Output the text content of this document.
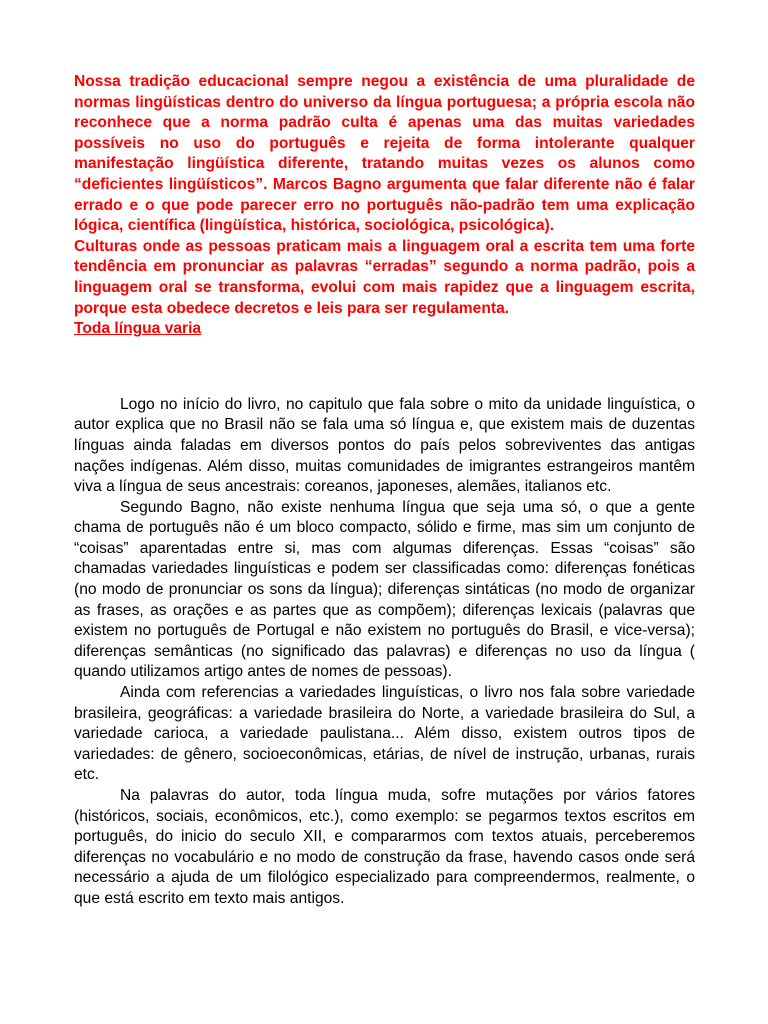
Nossa tradição educacional sempre negou a existência de uma pluralidade de normas lingüísticas dentro do universo da língua portuguesa; a própria escola não reconhece que a norma padrão culta é apenas uma das muitas variedades possíveis no uso do português e rejeita de forma intolerante qualquer manifestação lingüística diferente, tratando muitas vezes os alunos como “deficientes lingüísticos”. Marcos Bagno argumenta que falar diferente não é falar errado e o que pode parecer erro no português não-padrão tem uma explicação lógica, científica (lingüística, histórica, sociológica, psicológica).

Culturas onde as pessoas praticam mais a linguagem oral a escrita tem uma forte tendência em pronunciar as palavras “erradas” segundo a norma padrão, pois a linguagem oral se transforma, evolui com mais rapidez que a linguagem escrita, porque esta obedece decretos e leis para ser regulamenta.

Toda língua varia

Logo no início do livro, no capitulo que fala sobre o mito da unidade linguística, o autor explica que no Brasil não se fala uma só língua e, que existem mais de duzentas línguas ainda faladas em diversos pontos do país pelos sobreviventes das antigas nações indígenas. Além disso, muitas comunidades de imigrantes estrangeiros mantêm viva a língua de seus ancestrais: coreanos, japoneses, alemães, italianos etc.

Segundo Bagno, não existe nenhuma língua que seja uma só, o que a gente chama de português não é um bloco compacto, sólido e firme, mas sim um conjunto de “coisas” aparentadas entre si, mas com algumas diferenças. Essas “coisas” são chamadas variedades linguísticas e podem ser classificadas como: diferenças fonéticas (no modo de pronunciar os sons da língua); diferenças sintáticas (no modo de organizar as frases, as orações e as partes que as compõem); diferenças lexicais (palavras que existem no português de Portugal e não existem no português do Brasil, e vice-versa); diferenças semânticas (no significado das palavras) e diferenças no uso da língua ( quando utilizamos artigo antes de nomes de pessoas).

Ainda com referencias a variedades linguísticas, o livro nos fala sobre variedade brasileira, geográficas: a variedade brasileira do Norte, a variedade brasileira do Sul, a variedade carioca, a variedade paulistana... Além disso, existem outros tipos de variedades: de gênero, socioeconômicas, etárias, de nível de instrução, urbanas, rurais etc.

Na palavras do autor, toda língua muda, sofre mutações por vários fatores (históricos, sociais, econômicos, etc.), como exemplo: se pegarmos textos escritos em português, do inicio do seculo XII, e compararmos com textos atuais, perceberemos diferenças no vocabulário e no modo de construção da frase, havendo casos onde será necessário a ajuda de um filológico especializado para compreendermos, realmente, o que está escrito em texto mais antigos.
